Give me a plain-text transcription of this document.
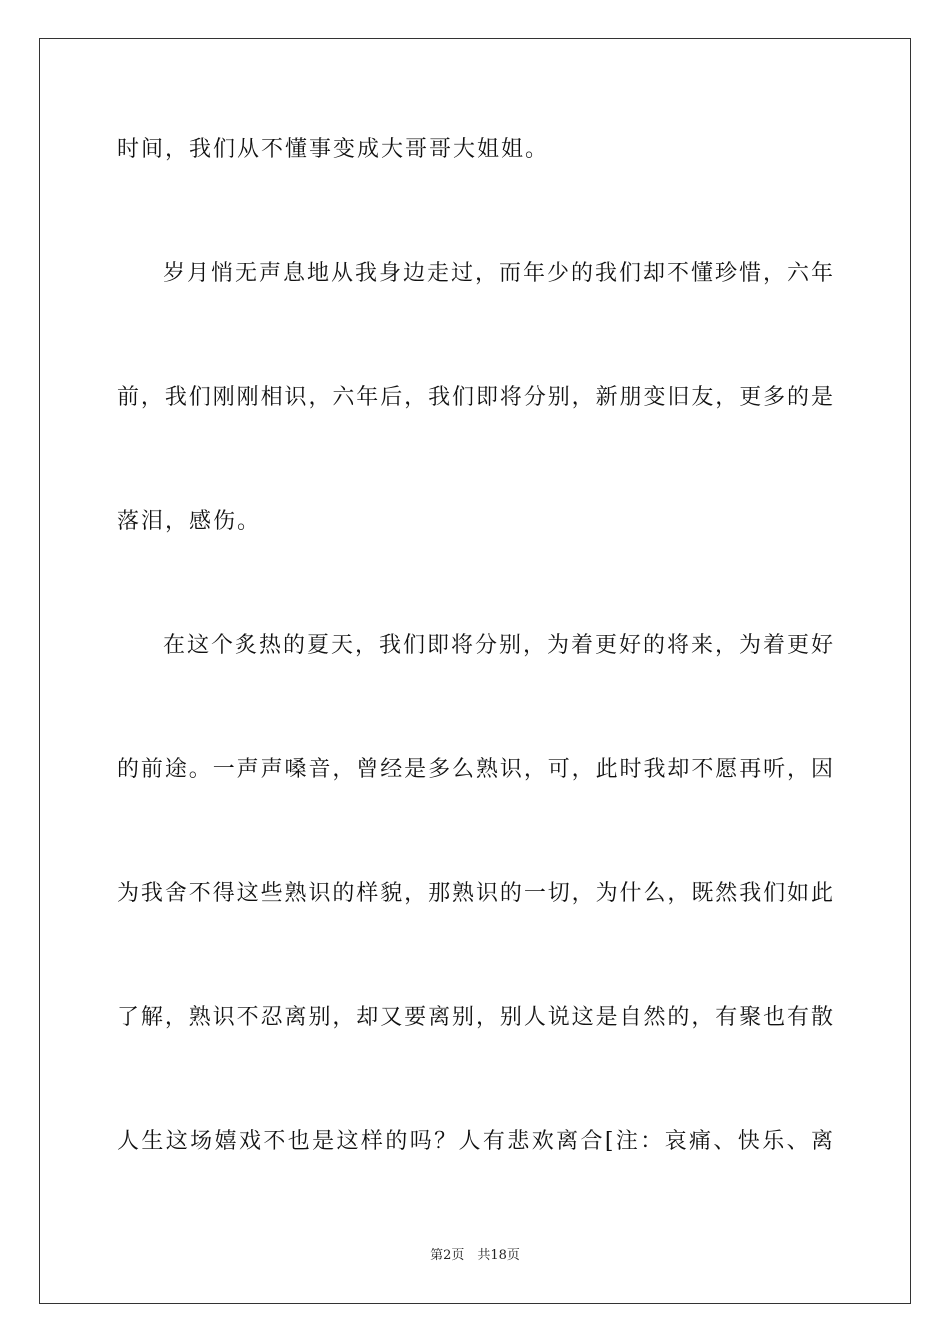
时间，我们从不懂事变成大哥哥大姐姐。
岁月悄无声息地从我身边走过，而年少的我们却不懂珍惜，六年
前，我们刚刚相识，六年后，我们即将分别，新朋变旧友，更多的是
落泪，感伤。
在这个炙热的夏天，我们即将分别，为着更好的将来，为着更好
的前途。一声声嗓音，曾经是多么熟识，可，此时我却不愿再听，因
为我舍不得这些熟识的样貌，那熟识的一切，为什么，既然我们如此
了解，熟识不忍离别，却又要离别，别人说这是自然的，有聚也有散
人生这场嬉戏不也是这样的吗？人有悲欢离合[注：哀痛、快乐、离
第2页　共18页
